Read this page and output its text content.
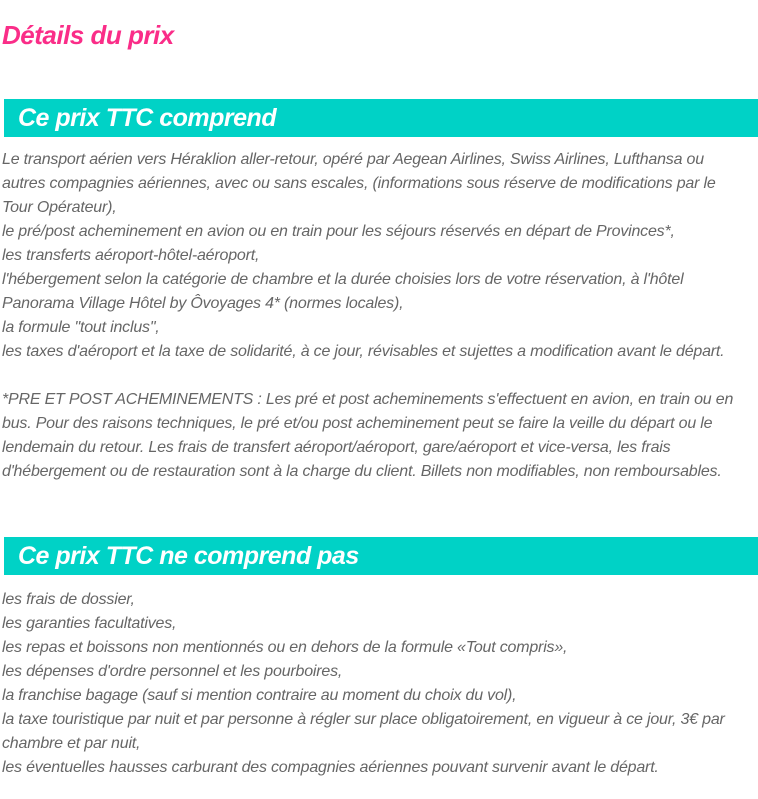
Détails du prix
Ce prix TTC comprend

Le transport aérien vers Héraklion aller-retour, opéré par Aegean Airlines, Swiss Airlines, Lufthansa ou autres compagnies aériennes, avec ou sans escales, (informations sous réserve de modifications par le Tour Opérateur),

le pré/post acheminement en avion ou en train pour les séjours réservés en départ de Provinces*,

les transferts aéroport-hôtel-aéroport,

l'hébergement selon la catégorie de chambre et la durée choisies lors de votre réservation, à l'hôtel Panorama Village Hôtel by Ôvoyages 4* (normes locales),

la formule "tout inclus",

les taxes d'aéroport et la taxe de solidarité, à ce jour, révisables et sujettes a modification avant le départ.

*PRE ET POST ACHEMINEMENTS : Les pré et post acheminements s'effectuent en avion, en train ou en bus. Pour des raisons techniques, le pré et/ou post acheminement peut se faire la veille du départ ou le lendemain du retour. Les frais de transfert aéroport/aéroport, gare/aéroport et vice-versa, les frais d'hébergement ou de restauration sont à la charge du client. Billets non modifiables, non remboursables.

Ce prix TTC ne comprend pas

les frais de dossier,

les garanties facultatives,

les repas et boissons non mentionnés ou en dehors de la formule «Tout compris»,

les dépenses d'ordre personnel et les pourboires,

la franchise bagage (sauf si mention contraire au moment du choix du vol),

la taxe touristique par nuit et par personne à régler sur place obligatoirement, en vigueur à ce jour, 3€ par chambre et par nuit,

les éventuelles hausses carburant des compagnies aériennes pouvant survenir avant le départ.
